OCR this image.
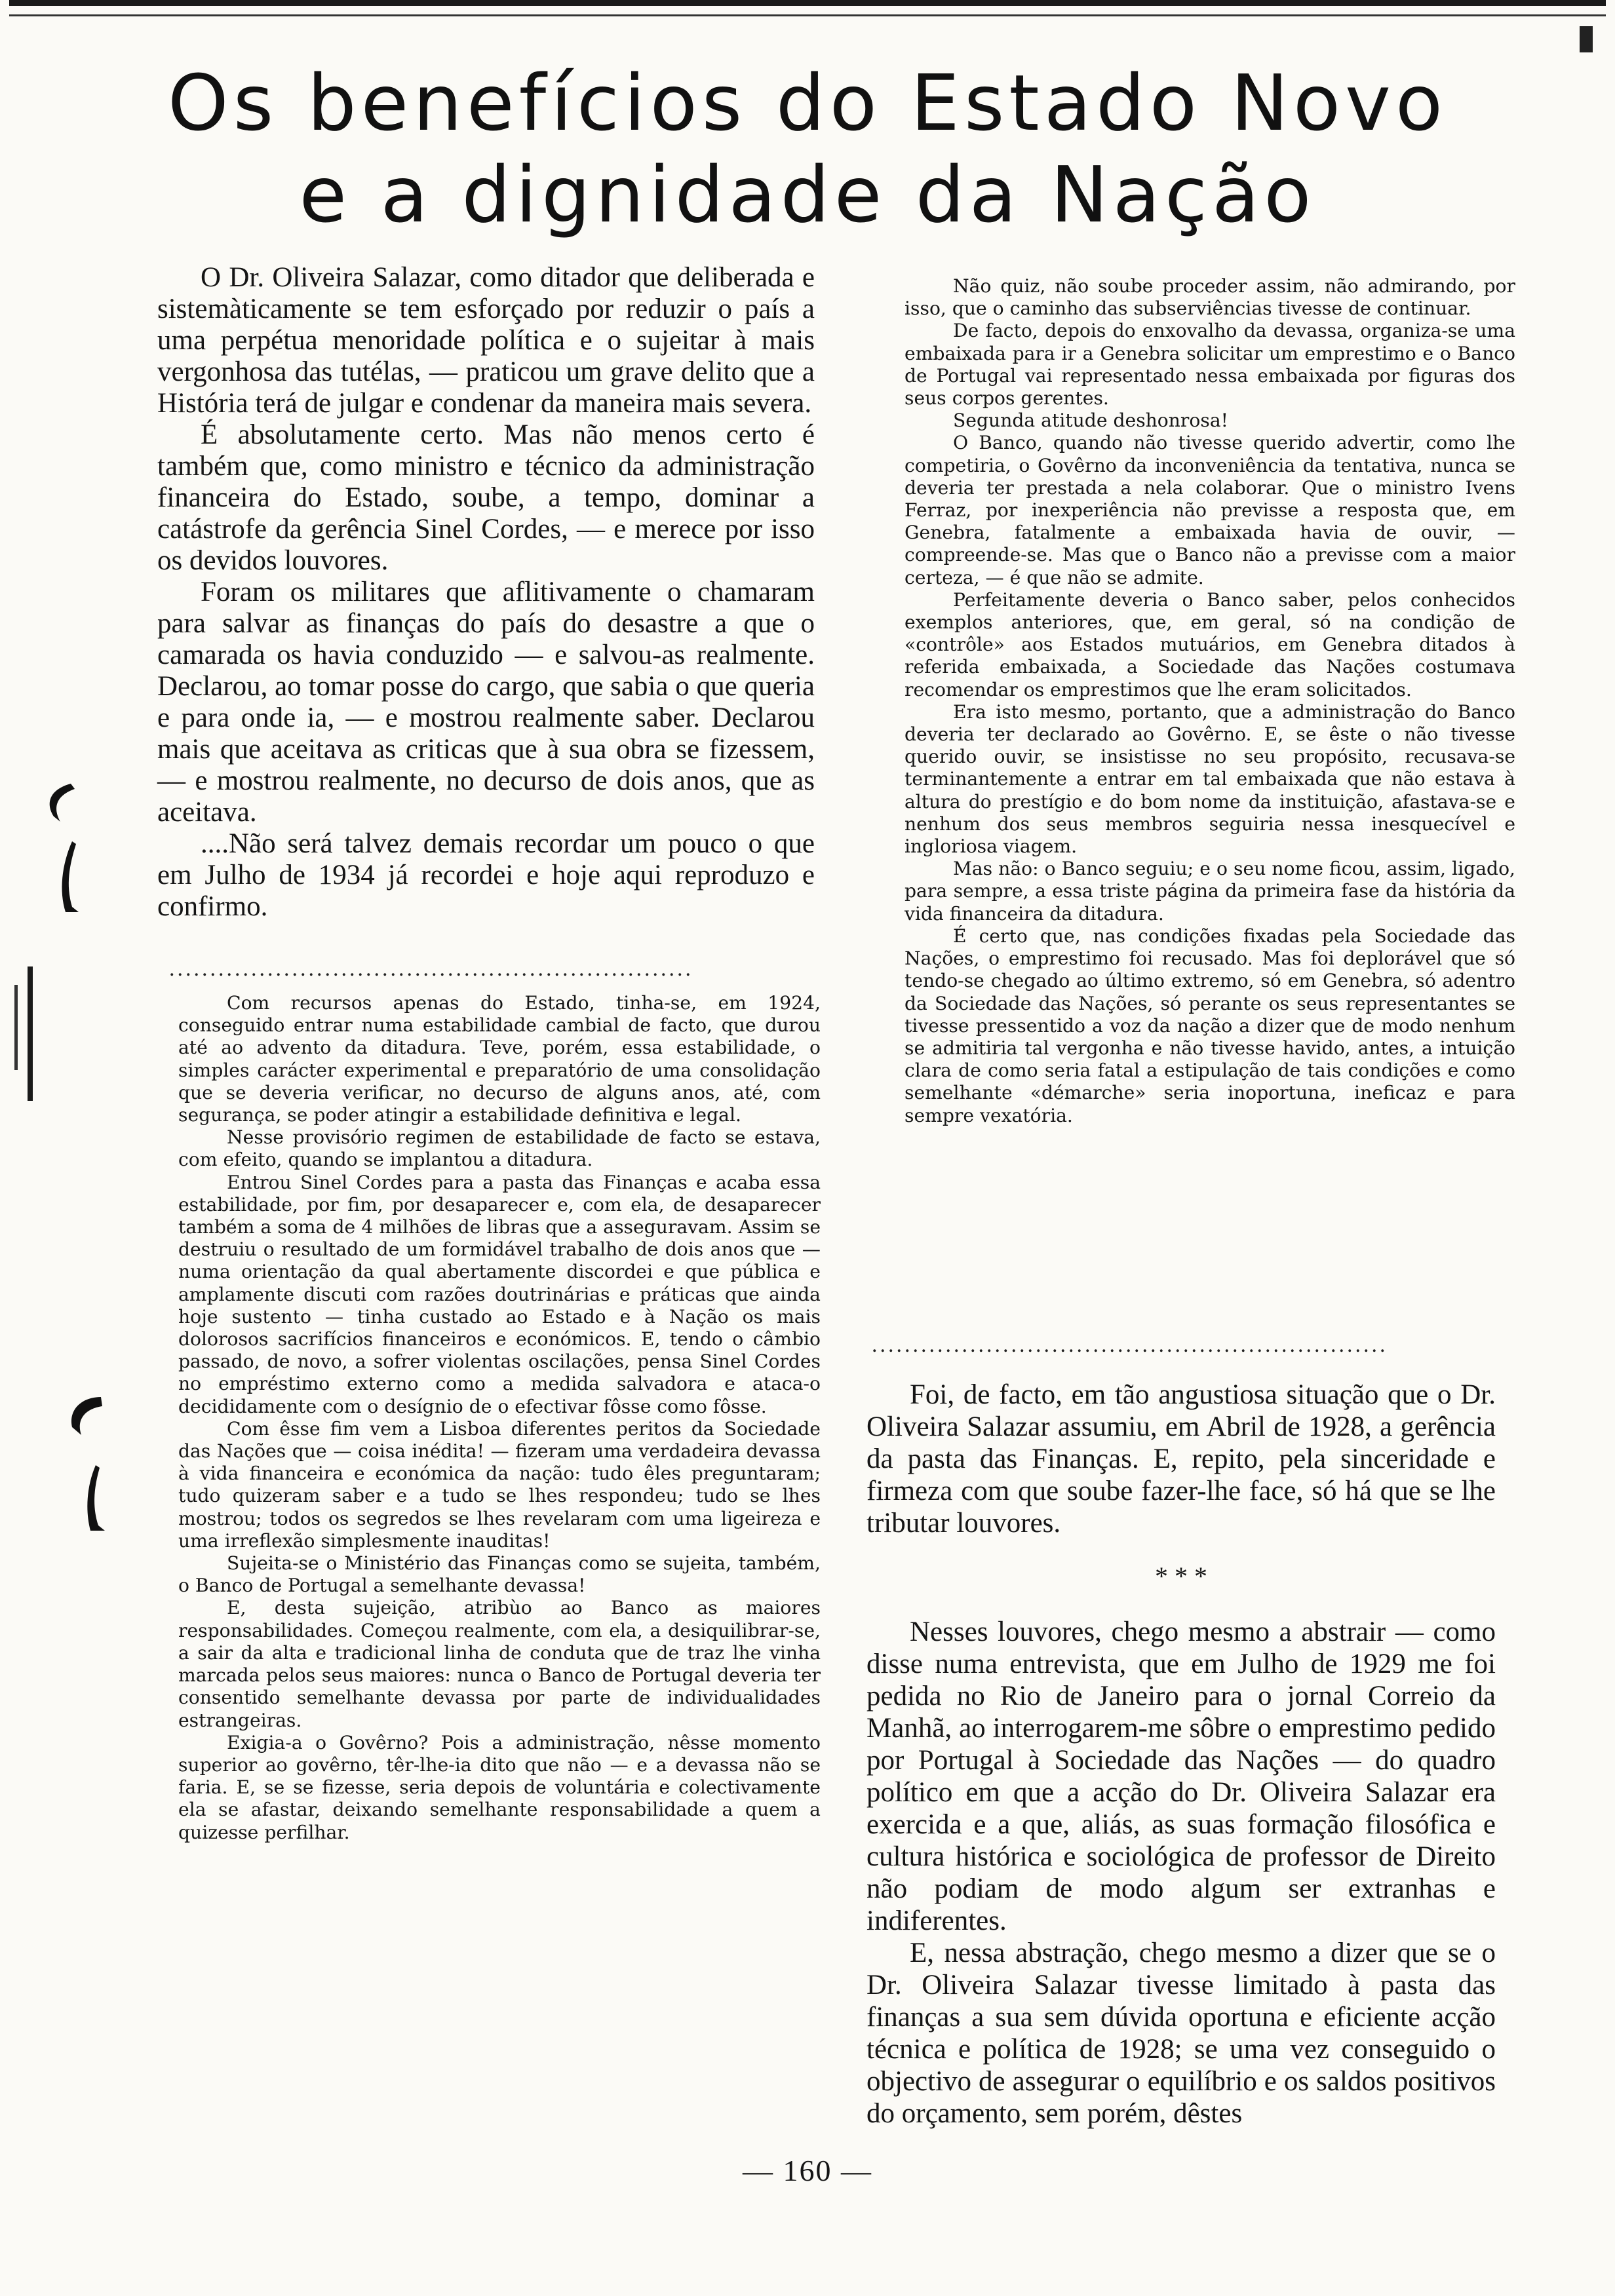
Os benefícios do Estado Novo
e a dignidade da Nação

O Dr. Oliveira Salazar, como ditador que deliberada e sistemàticamente se tem esforçado por reduzir o país a uma perpétua menoridade política e o sujeitar à mais vergonhosa das tutélas, — praticou um grave delito que a História terá de julgar e condenar da maneira mais severa.

É absolutamente certo. Mas não menos certo é também que, como ministro e técnico da administração financeira do Estado, soube, a tempo, dominar a catástrofe da gerência Sinel Cordes, — e merece por isso os devidos louvores.

Foram os militares que aflitivamente o chamaram para salvar as finanças do país do desastre a que o camarada os havia conduzido — e salvou-as realmente. Declarou, ao tomar posse do cargo, que sabia o que queria e para onde ia, — e mostrou realmente saber. Declarou mais que aceitava as criticas que à sua obra se fizessem, — e mostrou realmente, no decurso de dois anos, que as aceitava.

....Não será talvez demais recordar um pouco o que em Julho de 1934 já recordei e hoje aqui reproduzo e confirmo.

................................................................

Com recursos apenas do Estado, tinha-se, em 1924, conseguido entrar numa estabilidade cambial de facto, que durou até ao advento da ditadura. Teve, porém, essa estabilidade, o simples carácter experimental e preparatório de uma consolidação que se deveria verificar, no decurso de alguns anos, até, com segurança, se poder atingir a estabilidade definitiva e legal.

Nesse provisório regimen de estabilidade de facto se estava, com efeito, quando se implantou a ditadura.

Entrou Sinel Cordes para a pasta das Finanças e acaba essa estabilidade, por fim, por desaparecer e, com ela, de desaparecer também a soma de 4 milhões de libras que a asseguravam. Assim se destruiu o resultado de um formidável trabalho de dois anos que — numa orientação da qual abertamente discordei e que pública e amplamente discuti com razões doutrinárias e práticas que ainda hoje sustento — tinha custado ao Estado e à Nação os mais dolorosos sacrifícios financeiros e económicos. E, tendo o câmbio passado, de novo, a sofrer violentas oscilações, pensa Sinel Cordes no empréstimo externo como a medida salvadora e ataca-o decididamente com o desígnio de o efectivar fôsse como fôsse.

Com êsse fim vem a Lisboa diferentes peritos da Sociedade das Nações que — coisa inédita! — fizeram uma verdadeira devassa à vida financeira e económica da nação: tudo êles preguntaram; tudo quizeram saber e a tudo se lhes respondeu; tudo se lhes mostrou; todos os segredos se lhes revelaram com uma ligeireza e uma irreflexão simplesmente inauditas!

Sujeita-se o Ministério das Finanças como se sujeita, também, o Banco de Portugal a semelhante devassa!

E, desta sujeição, atribùo ao Banco as maiores responsabilidades. Começou realmente, com ela, a desiquilibrar-se, a sair da alta e tradicional linha de conduta que de traz lhe vinha marcada pelos seus maiores: nunca o Banco de Portugal deveria ter consentido semelhante devassa por parte de individualidades estrangeiras.

Exigia-a o Govêrno? Pois a administração, nêsse momento superior ao govêrno, têr-lhe-ia dito que não — e a devassa não se faria. E, se se fizesse, seria depois de voluntária e colectivamente ela se afastar, deixando semelhante responsabilidade a quem a quizesse perfilhar.

Não quiz, não soube proceder assim, não admirando, por isso, que o caminho das subserviências tivesse de continuar.

De facto, depois do enxovalho da devassa, organiza-se uma embaixada para ir a Genebra solicitar um emprestimo e o Banco de Portugal vai representado nessa embaixada por figuras dos seus corpos gerentes.

Segunda atitude deshonrosa!

O Banco, quando não tivesse querido advertir, como lhe competiria, o Govêrno da inconveniência da tentativa, nunca se deveria ter prestada a nela colaborar. Que o ministro Ivens Ferraz, por inexperiência não previsse a resposta que, em Genebra, fatalmente a embaixada havia de ouvir, — compreende-se. Mas que o Banco não a previsse com a maior certeza, — é que não se admite.

Perfeitamente deveria o Banco saber, pelos conhecidos exemplos anteriores, que, em geral, só na condição de «contrôle» aos Estados mutuários, em Genebra ditados à referida embaixada, a Sociedade das Nações costumava recomendar os emprestimos que lhe eram solicitados.

Era isto mesmo, portanto, que a administração do Banco deveria ter declarado ao Govêrno. E, se êste o não tivesse querido ouvir, se insistisse no seu propósito, recusava-se terminantemente a entrar em tal embaixada que não estava à altura do prestígio e do bom nome da instituição, afastava-se e nenhum dos seus membros seguiria nessa inesquecível e ingloriosa viagem.

Mas não: o Banco seguiu; e o seu nome ficou, assim, ligado, para sempre, a essa triste página da primeira fase da história da vida financeira da ditadura.

É certo que, nas condições fixadas pela Sociedade das Nações, o emprestimo foi recusado. Mas foi deplorável que só tendo-se chegado ao último extremo, só em Genebra, só adentro da Sociedade das Nações, só perante os seus representantes se tivesse pressentido a voz da nação a dizer que de modo nenhum se admitiria tal vergonha e não tivesse havido, antes, a intuição clara de como seria fatal a estipulação de tais condições e como semelhante «démarche» seria inoportuna, ineficaz e para sempre vexatória.

...............................................................

Foi, de facto, em tão angustiosa situação que o Dr. Oliveira Salazar assumiu, em Abril de 1928, a gerência da pasta das Finanças. E, repito, pela sinceridade e firmeza com que soube fazer-lhe face, só há que se lhe tributar louvores.

* * *

Nesses louvores, chego mesmo a abstrair — como disse numa entrevista, que em Julho de 1929 me foi pedida no Rio de Janeiro para o jornal Correio da Manhã, ao interrogarem-me sôbre o emprestimo pedido por Portugal à Sociedade das Nações — do quadro político em que a acção do Dr. Oliveira Salazar era exercida e a que, aliás, as suas formação filosófica e cultura histórica e sociológica de professor de Direito não podiam de modo algum ser extranhas e indiferentes.

E, nessa abstração, chego mesmo a dizer que se o Dr. Oliveira Salazar tivesse limitado à pasta das finanças a sua sem dúvida oportuna e eficiente acção técnica e política de 1928; se uma vez conseguido o objectivo de assegurar o equilíbrio e os saldos positivos do orçamento, sem porém, dêstes

— 160 —
